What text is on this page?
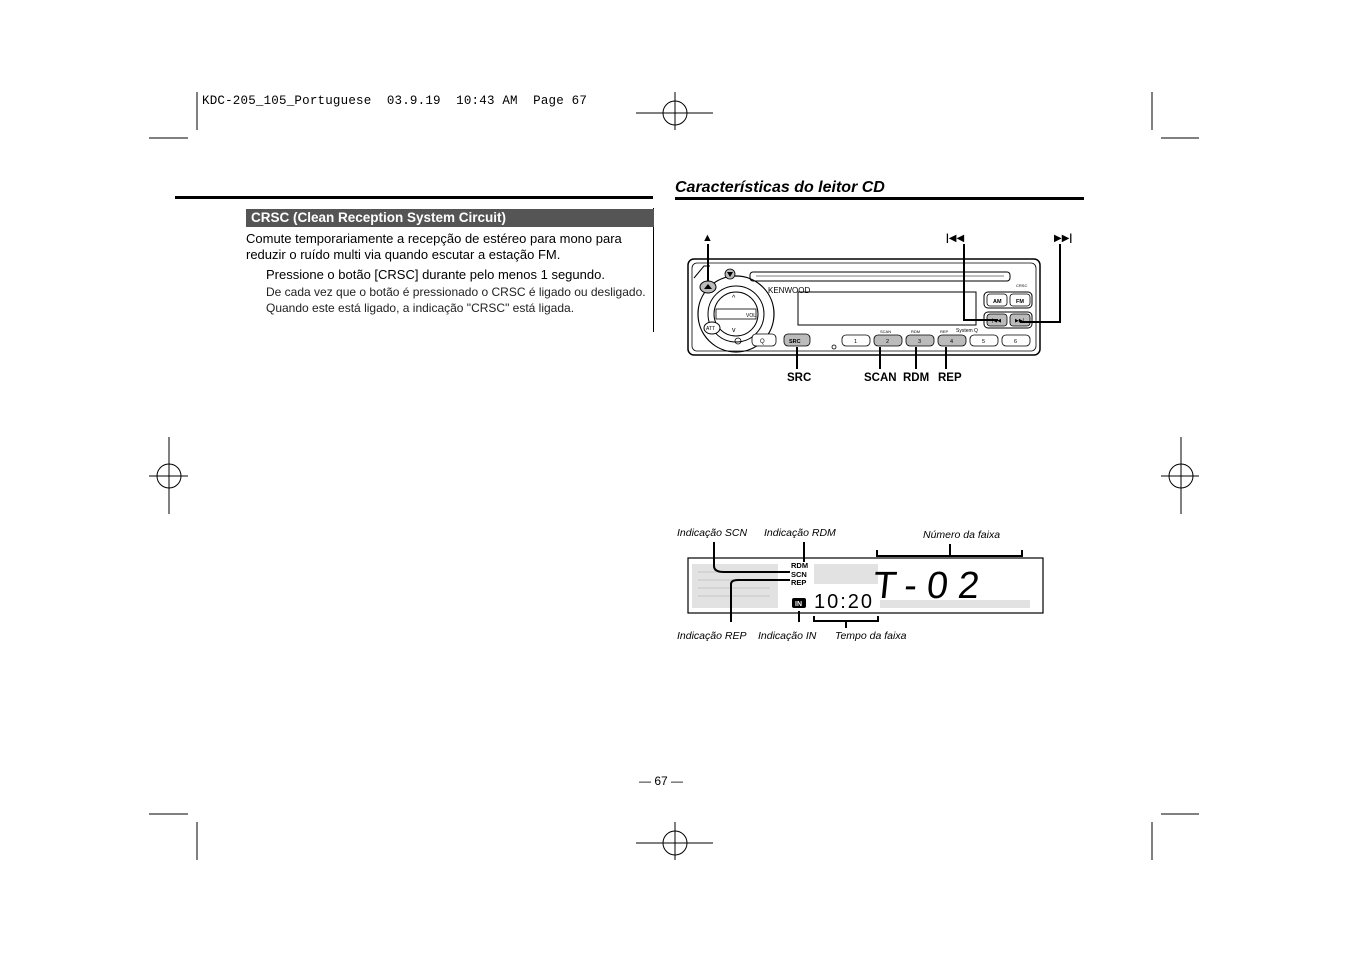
KDC-205_105_Portuguese  03.9.19  10:43 AM  Page 67
CRSC (Clean Reception System Circuit)
Comute temporariamente a recepção de estéreo para mono para reduzir o ruído multi via quando escutar a estação FM.
Pressione o botão [CRSC] durante pelo menos 1 segundo.
De cada vez que o botão é pressionado o CRSC é ligado ou desligado.
Quando este está ligado, a indicação "CRSC" está ligada.
Características do leitor CD
VOL
^
v
ATT
KENWOOD
AM	FM
CRSC
|◀◀	▶▶|
System Q
Q	SRC	1	2	3	4	5	6
SCAN	RDM	REP
▲	|◀◀	▶▶|
SRC	SCAN RDM REP
Indicação SCN Indicação RDM	Número da faixa
Indicação REP Indicação IN Tempo da faixa
RDM
SCN
REP
IN T-02
10:20
— 67 —
